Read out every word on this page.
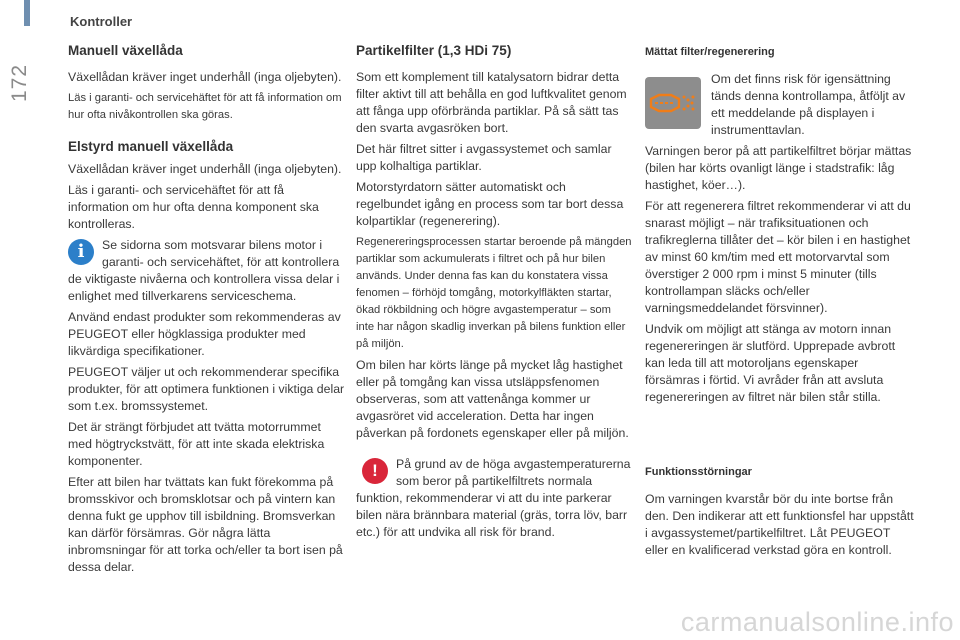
Kontroller
172
Manuell växellåda

Växellådan kräver inget underhåll (inga oljebyten).

Läs i garanti- och servicehäftet för att få information om hur ofta nivåkontrollen ska göras.

Elstyrd manuell växellåda

Växellådan kräver inget underhåll (inga oljebyten).

Läs i garanti- och servicehäftet för att få information om hur ofta denna komponent ska kontrolleras.

i	Se sidorna som motsvarar bilens motor i garanti- och servicehäftet, för att kontrollera de viktigaste nivåerna och kontrollera vissa delar i enlighet med tillverkarens serviceschema.

Använd endast produkter som rekommenderas av PEUGEOT eller högklassiga produkter med likvärdiga specifikationer.

PEUGEOT väljer ut och rekommenderar specifika produkter, för att optimera funktionen i viktiga delar som t.ex. bromssystemet.

Det är strängt förbjudet att tvätta motorrummet med högtryckstvätt, för att inte skada elektriska komponenter.

Efter att bilen har tvättats kan fukt förekomma på bromsskivor och bromsklotsar och på vintern kan denna fukt ge upphov till isbildning. Bromsverkan kan därför försämras. Gör några lätta inbromsningar för att torka och/eller ta bort isen på dessa delar.

Partikelfilter (1,3 HDi 75)

Som ett komplement till katalysatorn bidrar detta filter aktivt till att behålla en god luftkvalitet genom att fånga upp oförbrända partiklar. På så sätt tas den svarta avgasröken bort.

Det här filtret sitter i avgassystemet och samlar upp kolhaltiga partiklar.

Motorstyrdatorn sätter automatiskt och regelbundet igång en process som tar bort dessa kolpartiklar (regenerering).

Regenereringsprocessen startar beroende på mängden partiklar som ackumulerats i filtret och på hur bilen används. Under denna fas kan du konstatera vissa fenomen – förhöjd tomgång, motorkylfläkten startar, ökad rökbildning och högre avgastemperatur – som inte har någon skadlig inverkan på bilens funktion eller på miljön.

Om bilen har körts länge på mycket låg hastighet eller på tomgång kan vissa utsläppsfenomen observeras, som att vattenånga kommer ur avgasröret vid acceleration. Detta har ingen påverkan på fordonets egenskaper eller på miljön.

!	På grund av de höga avgastemperaturerna som beror på partikelfiltrets normala funktion, rekommenderar vi att du inte parkerar bilen nära brännbara material (gräs, torra löv, barr etc.) för att undvika all risk för brand.

Mättat filter/regenerering

Om det finns risk för igensättning tänds denna kontrollampa, åtföljt av ett meddelande på displayen i instrumenttavlan.

Varningen beror på att partikelfiltret börjar mättas (bilen har körts ovanligt länge i stadstrafik: låg hastighet, köer…).

För att regenerera filtret rekommenderar vi att du snarast möjligt – när trafiksituationen och trafikreglerna tillåter det – kör bilen i en hastighet av minst 60 km/tim med ett motorvarvtal som överstiger 2 000 rpm i minst 5 minuter (tills kontrollampan släcks och/eller varningsmeddelandet försvinner).

Undvik om möjligt att stänga av motorn innan regenereringen är slutförd. Upprepade avbrott kan leda till att motoroljans egenskaper försämras i förtid. Vi avråder från att avsluta regenereringen av filtret när bilen står stilla.

Funktionsstörningar

Om varningen kvarstår bör du inte bortse från den. Den indikerar att ett funktionsfel har uppstått i avgassystemet/partikelfiltret. Låt PEUGEOT eller en kvalificerad verkstad göra en kontroll.

carmanualsonline.info
